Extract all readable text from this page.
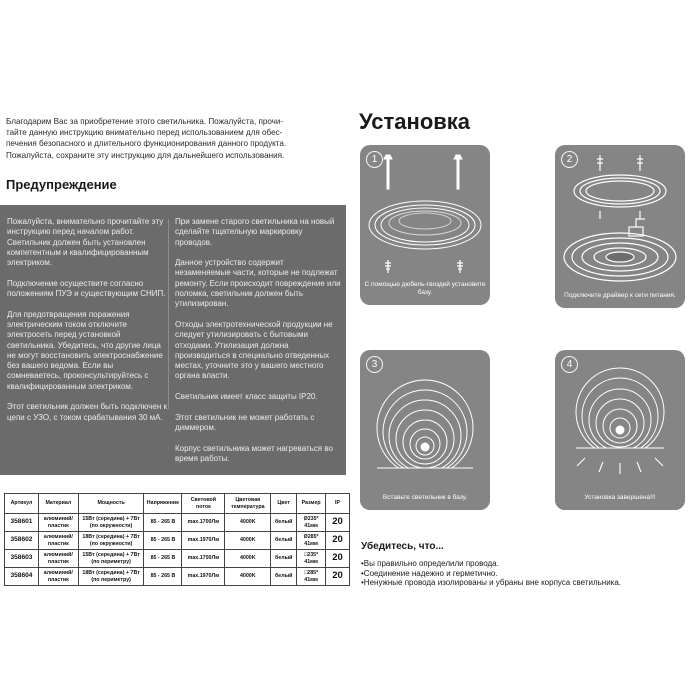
Благодарим Вас за приобретение этого светильника. Пожалуйста, прочи-
тайте данную инструкцию внимательно перед использованием для обес-
печения безопасного и длительного функционирования данного продукта.
Пожалуйста, сохраните эту инструкцию для дальнейшего использования.
Предупреждение

Пожалуйста, внимательно прочитайте эту инструкцию перед началом работ. Светильник должен быть установлен компетентным и квалифицированным электриком.

Подключение осуществите согласно положениям ПУЭ и существующим СНИП.

Для предотвращения поражения электрическим током отключите электросеть перед установкой светильника. Убедитесь, что другие лица не могут восстановить электроснабжение без вашего ведома. Если вы сомневаетесь, проконсультируйтесь с квалифицированным электриком.

Этот светильник должен быть подключен к цепи с УЗО, с током срабатывания 30 мА.

При замене старого светильника на новый сделайте тщательную маркировку проводов.

Данное устройство содержит незаменяемые части, которые не подлежат ремонту. Если происходит повреждение или поломка, светильник должен быть утилизирован.

Отходы электротехнической продукции не следует утилизировать с бытовыми отходами. Утилизация должна производиться в специально отведенных местах, уточните это у вашего местного органа власти.

Светильник имеет класс защиты IP20.

Этот светильник не может работать с диммером.

Корпус светильника может нагреваться во время работы.

Артикул	Материал	Мощность	Напряжение	Световой поток	Цветовая температура	Цвет	Размер	IP
358601	алюминий/ пластик	15Вт (середина) + 7Вт (по окружности)	85 - 265 В	max.1700Лм	4000K	белый	Ø235* 41мм	20
358602	алюминий/ пластик	18Вт (середина) + 7Вт (по окружности)	85 - 265 В	max.1970Лм	4000K	белый	Ø285* 41мм	20
358603	алюминий/ пластик	15Вт (середина) + 7Вт (по периметру)	85 - 265 В	max.1700Лм	4000K	белый	□235* 41мм	20
358604	алюминий/ пластик	18Вт (середина) + 7Вт (по периметру)	85 - 265 В	max.1970Лм	4000K	белый	□285* 41мм	20
Установка
1
С помощью дюбель-гвоздей установите базу.
2
Подключите драйвер к сети питания.
3
Вставьте светильник в базу.
4
Установка завершена!!!
Убедитесь, что...
•Вы правильно определили провода.
•Соединение надежно и герметично.
•Ненужные провода изолированы и убраны вне корпуса светильника.
